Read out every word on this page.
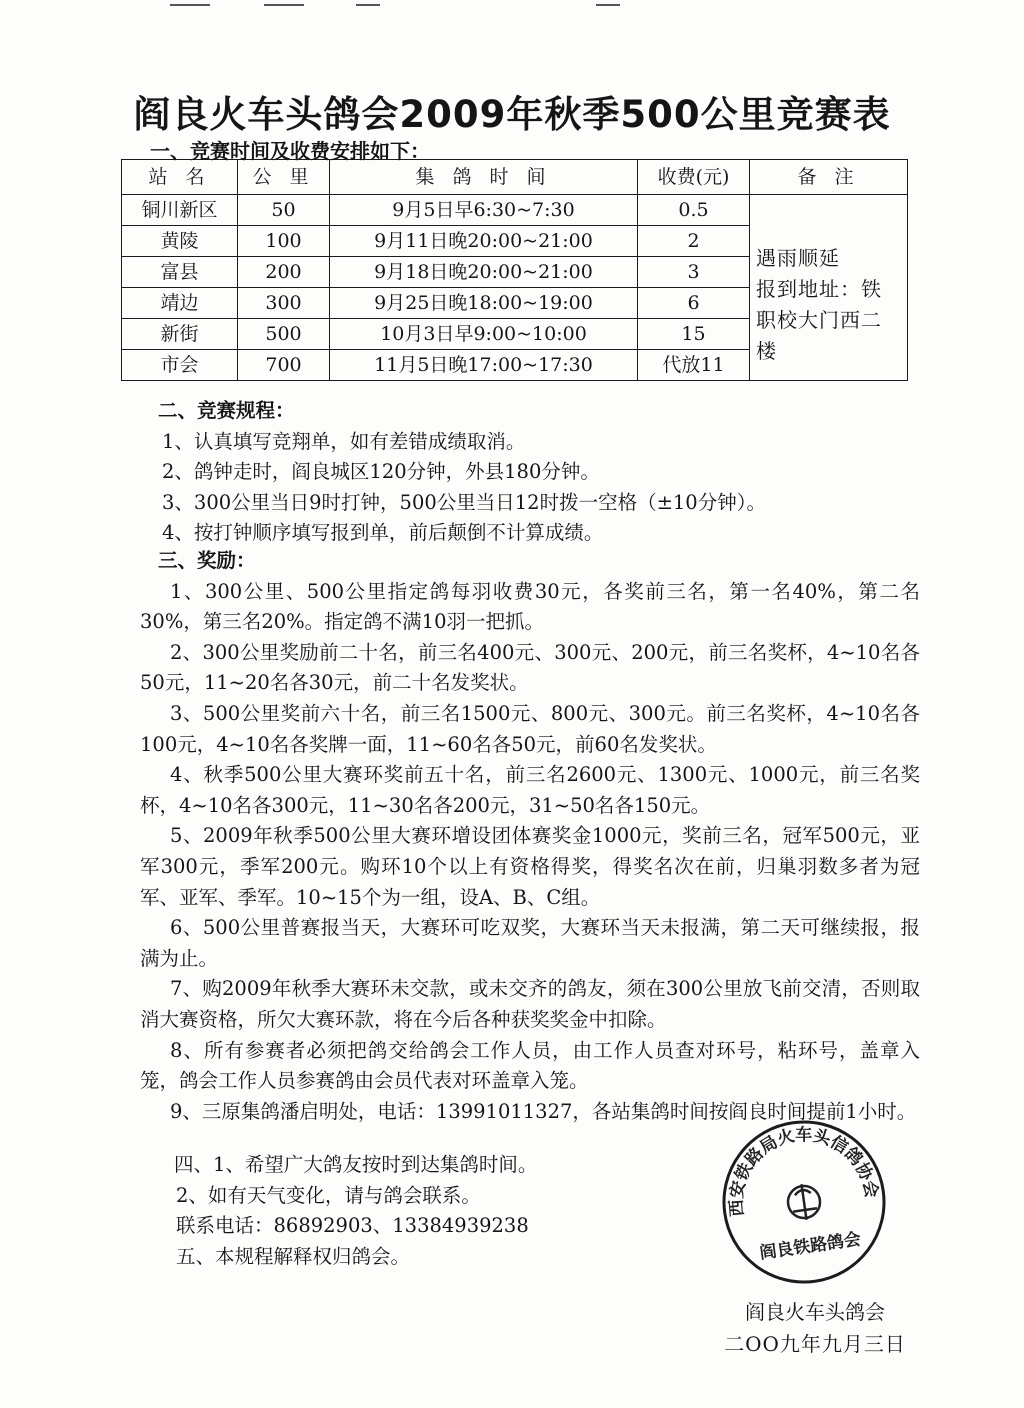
阎良火车头鸽会2009年秋季500公里竞赛表
一、竞赛时间及收费安排如下：
站 名	公 里	集 鸽 时 间	收费(元)	备 注
铜川新区	50	9月5日早6:30~7:30	0.5	遇雨顺延
报到地址：铁职校大门西二楼

黄陵	100	9月11日晚20:00~21:00	2	
富县	200	9月18日晚20:00~21:00	3	
靖边	300	9月25日晚18:00~19:00	6	
新街	500	10月3日早9:00~10:00	15	
市会	700	11月5日晚17:00~17:30	代放11	

二、竞赛规程：

1、认真填写竞翔单，如有差错成绩取消。

2、鸽钟走时，阎良城区120分钟，外县180分钟。

3、300公里当日9时打钟，500公里当日12时拨一空格（±10分钟）。

4、按打钟顺序填写报到单，前后颠倒不计算成绩。

三、奖励：

1、300公里、500公里指定鸽每羽收费30元，各奖前三名，第一名40%，第二名30%，第三名20%。指定鸽不满10羽一把抓。

2、300公里奖励前二十名，前三名400元、300元、200元，前三名奖杯，4~10名各50元，11~20名各30元，前二十名发奖状。

3、500公里奖前六十名，前三名1500元、800元、300元。前三名奖杯，4~10名各100元，4~10名各奖牌一面，11~60名各50元，前60名发奖状。

4、秋季500公里大赛环奖前五十名，前三名2600元、1300元、1000元，前三名奖杯，4~10名各300元，11~30名各200元，31~50名各150元。

5、2009年秋季500公里大赛环增设团体赛奖金1000元，奖前三名，冠军500元，亚军300元，季军200元。购环10个以上有资格得奖，得奖名次在前，归巢羽数多者为冠军、亚军、季军。10~15个为一组，设A、B、C组。

6、500公里普赛报当天，大赛环可吃双奖，大赛环当天未报满，第二天可继续报，报满为止。

7、购2009年秋季大赛环未交款，或未交齐的鸽友，须在300公里放飞前交清，否则取消大赛资格，所欠大赛环款，将在今后各种获奖奖金中扣除。

8、所有参赛者必须把鸽交给鸽会工作人员，由工作人员查对环号，粘环号，盖章入笼，鸽会工作人员参赛鸽由会员代表对环盖章入笼。

9、三原集鸽潘启明处，电话：13991011327，各站集鸽时间按阎良时间提前1小时。

四、1、希望广大鸽友按时到达集鸽时间。

2、如有天气变化，请与鸽会联系。

联系电话：86892903、13384939238

五、本规程解释权归鸽会。

西安铁路局火车头信鸽协会
阎良铁路鸽会
阎良火车头鸽会
二OO九年九月三日
